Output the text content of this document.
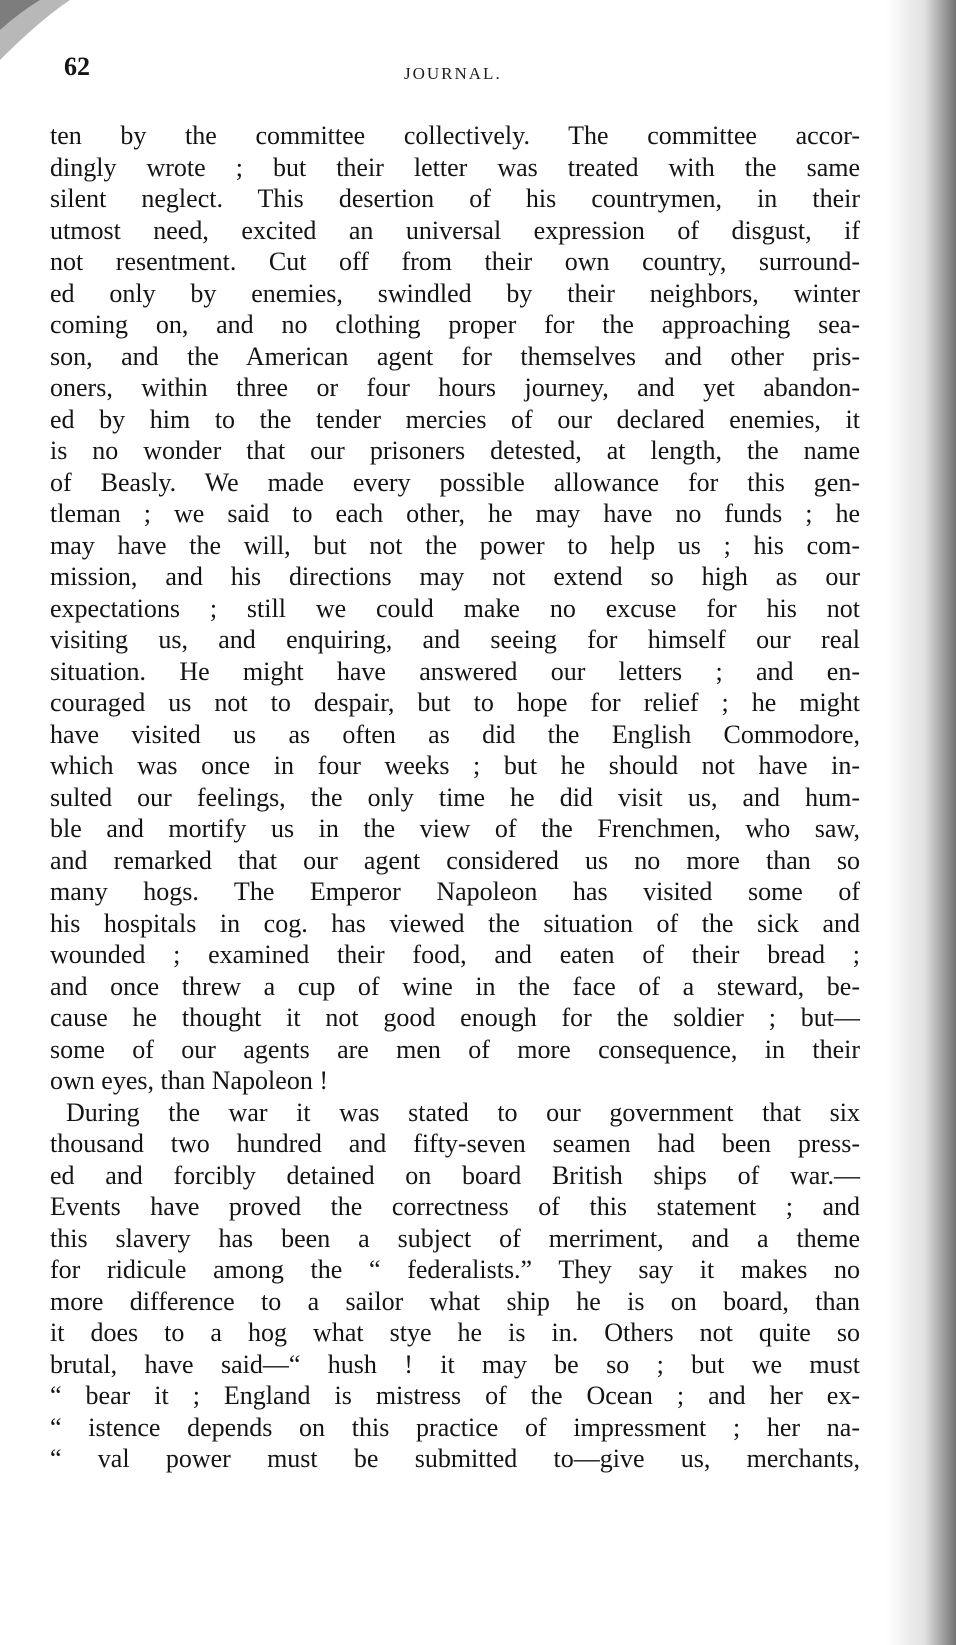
62	JOURNAL.
ten by the committee collectively. The committee accor-
dingly wrote ; but their letter was treated with the same
silent neglect. This desertion of his countrymen, in their
utmost need, excited an universal expression of disgust, if
not resentment. Cut off from their own country, surround-
ed only by enemies, swindled by their neighbors, winter
coming on, and no clothing proper for the approaching sea-
son, and the American agent for themselves and other pris-
oners, within three or four hours journey, and yet abandon-
ed by him to the tender mercies of our declared enemies, it
is no wonder that our prisoners detested, at length, the name
of Beasly. We made every possible allowance for this gen-
tleman ; we said to each other, he may have no funds ; he
may have the will, but not the power to help us ; his com-
mission, and his directions may not extend so high as our
expectations ; still we could make no excuse for his not
visiting us, and enquiring, and seeing for himself our real
situation. He might have answered our letters ; and en-
couraged us not to despair, but to hope for relief ; he might
have visited us as often as did the English Commodore,
which was once in four weeks ; but he should not have in-
sulted our feelings, the only time he did visit us, and hum-
ble and mortify us in the view of the Frenchmen, who saw,
and remarked that our agent considered us no more than so
many hogs. The Emperor Napoleon has visited some of
his hospitals in cog. has viewed the situation of the sick and
wounded ; examined their food, and eaten of their bread ;
and once threw a cup of wine in the face of a steward, be-
cause he thought it not good enough for the soldier ; but—
some of our agents are men of more consequence, in their
own eyes, than Napoleon !
During the war it was stated to our government that six
thousand two hundred and fifty-seven seamen had been press-
ed and forcibly detained on board British ships of war.—
Events have proved the correctness of this statement ; and
this slavery has been a subject of merriment, and a theme
for ridicule among the “ federalists.” They say it makes no
more difference to a sailor what ship he is on board, than
it does to a hog what stye he is in. Others not quite so
brutal, have said—“ hush ! it may be so ; but we must
“ bear it ; England is mistress of the Ocean ; and her ex-
“ istence depends on this practice of impressment ; her na-
“ val power must be submitted to—give us, merchants,
